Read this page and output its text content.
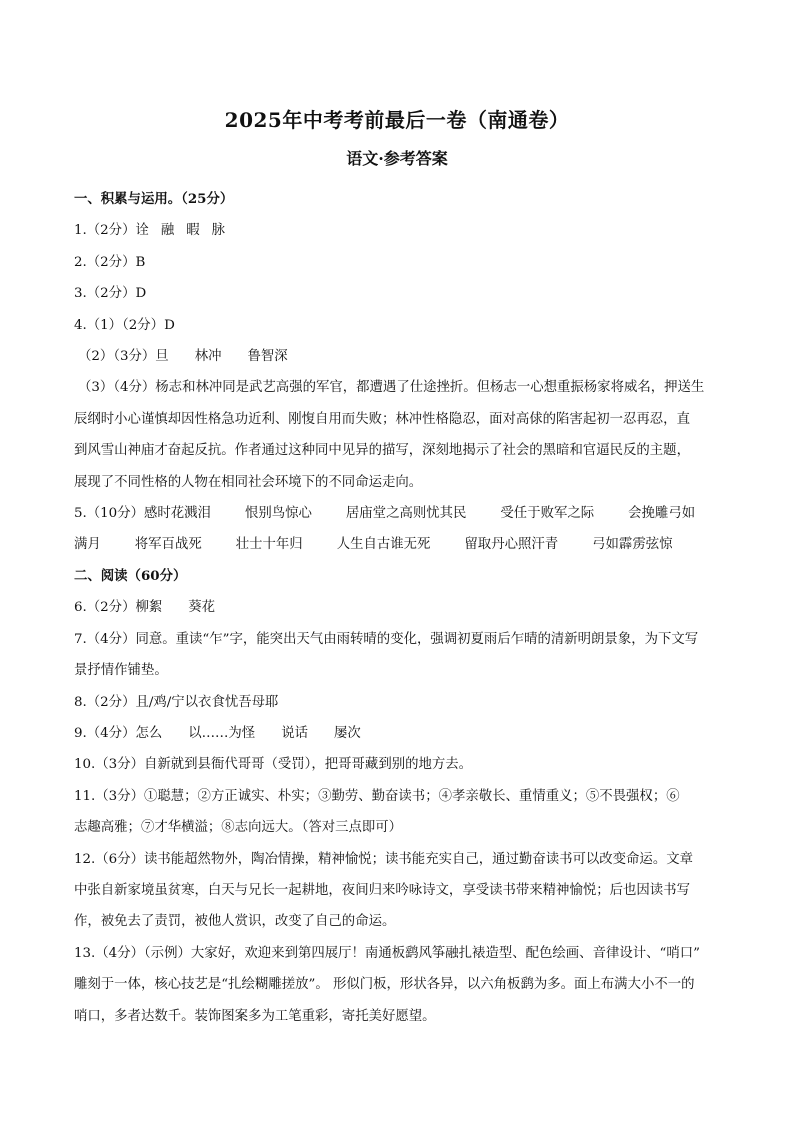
2025年中考考前最后一卷（南通卷）
语文·参考答案
一、积累与运用。（25分）
1.（2分）诠 融 暇 脉
2.（2分）B
3.（2分）D
4.（1）（2分）D
（2）（3分）旦 林冲 鲁智深
（3）（4分）杨志和林冲同是武艺高强的军官，都遭遇了仕途挫折。但杨志一心想重振杨家将威名，押送生
辰纲时小心谨慎却因性格急功近利、刚愎自用而失败；林冲性格隐忍，面对高俅的陷害起初一忍再忍，直
到风雪山神庙才奋起反抗。作者通过这种同中见异的描写，深刻地揭示了社会的黑暗和官逼民反的主题，
展现了不同性格的人物在相同社会环境下的不同命运走向。
5.（10分）感时花溅泪	恨别鸟惊心	居庙堂之高则忧其民	受任于败军之际	会挽雕弓如
满月	将军百战死	壮士十年归	人生自古谁无死	留取丹心照汗青	弓如霹雳弦惊
二、阅读（60分）
6.（2分）柳絮 葵花
7.（4分）同意。重读“乍”字，能突出天气由雨转晴的变化，强调初夏雨后乍晴的清新明朗景象，为下文写
景抒情作铺垫。
8.（2分）且/鸡/宁以衣食忧吾母耶
9.（4分）怎么 以……为怪 说话 屡次
10.（3分）自新就到县衙代哥哥（受罚），把哥哥藏到别的地方去。
11.（3分）①聪慧；②方正诚实、朴实；③勤劳、勤奋读书；④孝亲敬长、重情重义；⑤不畏强权；⑥
志趣高雅；⑦才华横溢；⑧志向远大。（答对三点即可）
12.（6分）读书能超然物外，陶冶情操，精神愉悦；读书能充实自己，通过勤奋读书可以改变命运。文章
中张自新家境虽贫寒，白天与兄长一起耕地，夜间归来吟咏诗文，享受读书带来精神愉悦；后也因读书写
作，被免去了责罚，被他人赏识，改变了自己的命运。
13.（4分）（示例）大家好，欢迎来到第四展厅！南通板鹞风筝融扎裱造型、配色绘画、音律设计、“哨口”
雕刻于一体，核心技艺是“扎绘糊雕搓放”。 形似门板，形状各异，以六角板鹞为多。面上布满大小不一的
哨口，多者达数千。装饰图案多为工笔重彩，寄托美好愿望。
